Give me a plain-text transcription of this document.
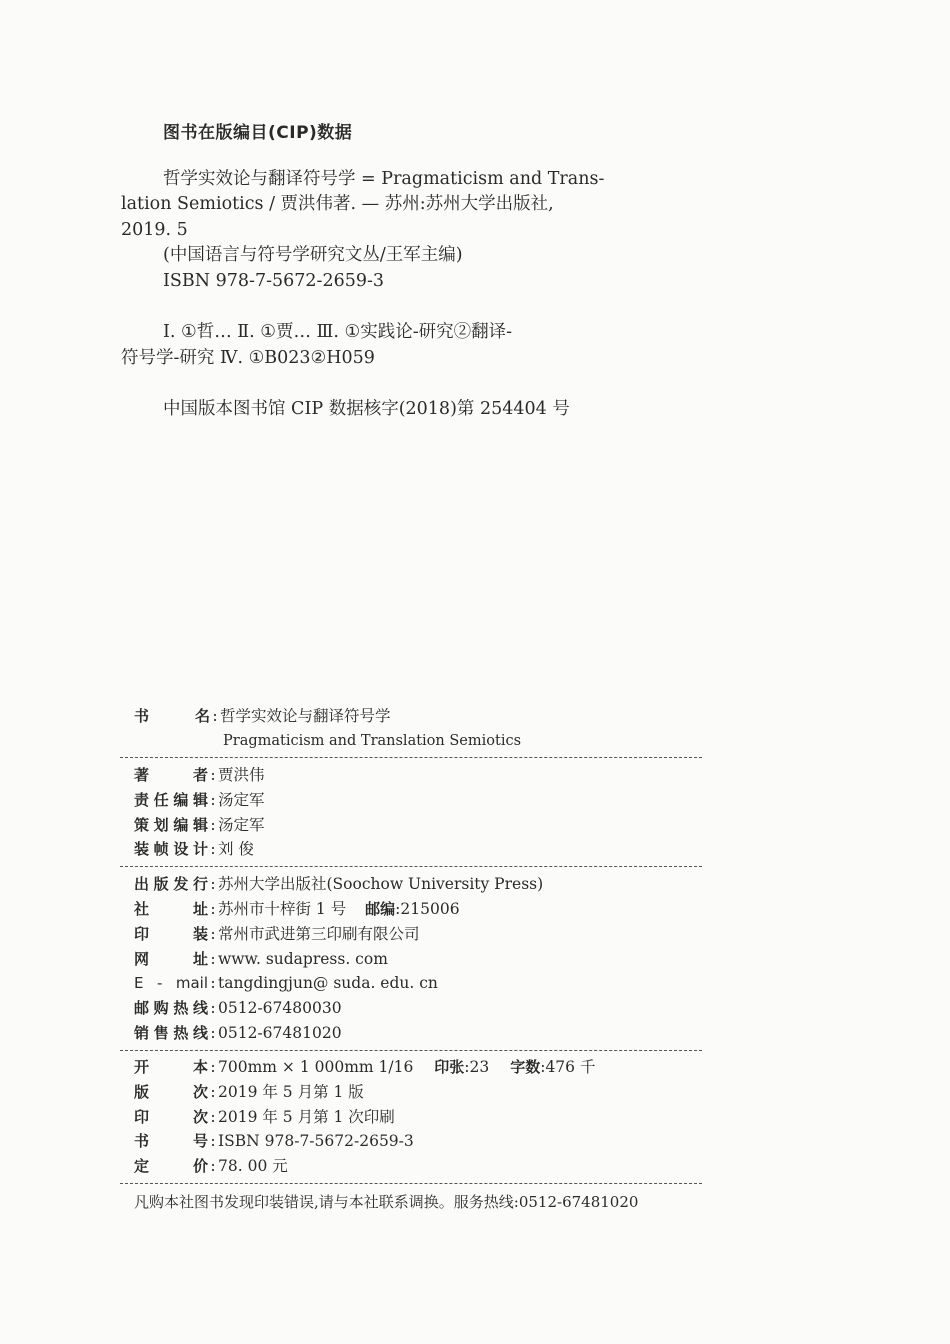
图书在版编目(CIP)数据
哲学实效论与翻译符号学 = Pragmaticism and Trans-
lation Semiotics / 贾洪伟著. — 苏州:苏州大学出版社,
2019. 5
(中国语言与符号学研究文丛/王军主编)
ISBN 978-7-5672-2659-3
Ⅰ. ①哲… Ⅱ. ①贾… Ⅲ. ①实践论-研究②翻译-
符号学-研究 Ⅳ. ①B023②H059
中国版本图书馆 CIP 数据核字(2018)第 254404 号
书名 : 哲学实效论与翻译符号学
Pragmaticism and Translation Semiotics
著者 : 贾洪伟
责任编辑 : 汤定军
策划编辑 : 汤定军
装帧设计 : 刘 俊
出版发行 : 苏州大学出版社(Soochow University Press)
社址 : 苏州市十梓街 1 号 邮编:215006
印装 : 常州市武进第三印刷有限公司
网址 : www. sudapress. com
E - mail : tangdingjun@ suda. edu. cn
邮购热线 : 0512-67480030
销售热线 : 0512-67481020
开本 : 700mm × 1 000mm 1/16 印张:23 字数:476 千
版次 : 2019 年 5 月第 1 版
印次 : 2019 年 5 月第 1 次印刷
书号 : ISBN 978-7-5672-2659-3
定价 : 78. 00 元
凡购本社图书发现印装错误,请与本社联系调换。服务热线:0512-67481020
